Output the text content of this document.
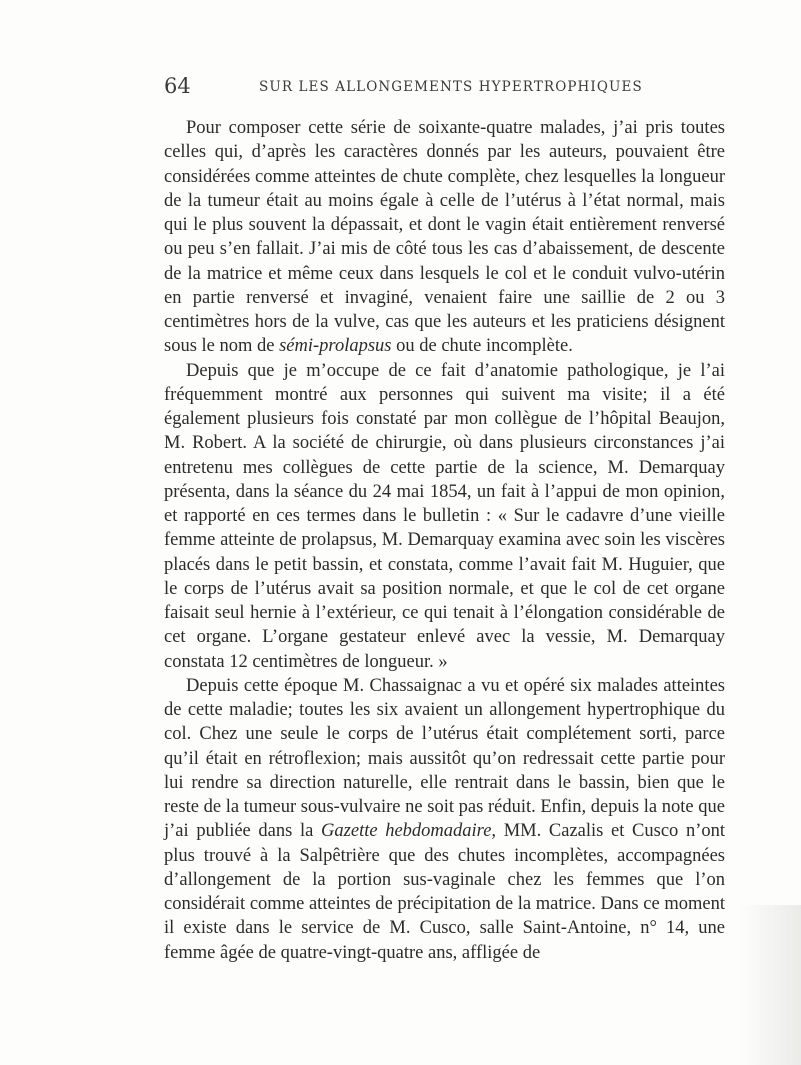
64	SUR LES ALLONGEMENTS HYPERTROPHIQUES

Pour composer cette série de soixante-quatre malades, j’ai pris toutes celles qui, d’après les caractères donnés par les auteurs, pouvaient être considérées comme atteintes de chute complète, chez lesquelles la longueur de la tumeur était au moins égale à celle de l’utérus à l’état normal, mais qui le plus souvent la dépassait, et dont le vagin était entièrement renversé ou peu s’en fallait. J’ai mis de côté tous les cas d’abaissement, de descente de la matrice et même ceux dans lesquels le col et le conduit vulvo-utérin en partie renversé et invaginé, venaient faire une saillie de 2 ou 3 centimètres hors de la vulve, cas que les auteurs et les praticiens désignent sous le nom de sémi-prolapsus ou de chute incomplète.

Depuis que je m’occupe de ce fait d’anatomie pathologique, je l’ai fréquemment montré aux personnes qui suivent ma visite; il a été également plusieurs fois constaté par mon collègue de l’hôpital Beaujon, M. Robert. A la société de chirurgie, où dans plusieurs circonstances j’ai entretenu mes collègues de cette partie de la science, M. Demarquay présenta, dans la séance du 24 mai 1854, un fait à l’appui de mon opinion, et rapporté en ces termes dans le bulletin : « Sur le cadavre d’une vieille femme atteinte de prolapsus, M. Demarquay examina avec soin les viscères placés dans le petit bassin, et constata, comme l’avait fait M. Huguier, que le corps de l’utérus avait sa position normale, et que le col de cet organe faisait seul hernie à l’extérieur, ce qui tenait à l’élongation considérable de cet organe. L’organe gestateur enlevé avec la vessie, M. Demarquay constata 12 centimètres de longueur. »

Depuis cette époque M. Chassaignac a vu et opéré six malades atteintes de cette maladie; toutes les six avaient un allongement hypertrophique du col. Chez une seule le corps de l’utérus était complétement sorti, parce qu’il était en rétroflexion; mais aussitôt qu’on redressait cette partie pour lui rendre sa direction naturelle, elle rentrait dans le bassin, bien que le reste de la tumeur sous-vulvaire ne soit pas réduit. Enfin, depuis la note que j’ai publiée dans la Gazette hebdomadaire, MM. Cazalis et Cusco n’ont plus trouvé à la Salpêtrière que des chutes incomplètes, accompagnées d’allongement de la portion sus-vaginale chez les femmes que l’on considérait comme atteintes de précipitation de la matrice. Dans ce moment il existe dans le service de M. Cusco, salle Saint-Antoine, n° 14, une femme âgée de quatre-vingt-quatre ans, affligée de
